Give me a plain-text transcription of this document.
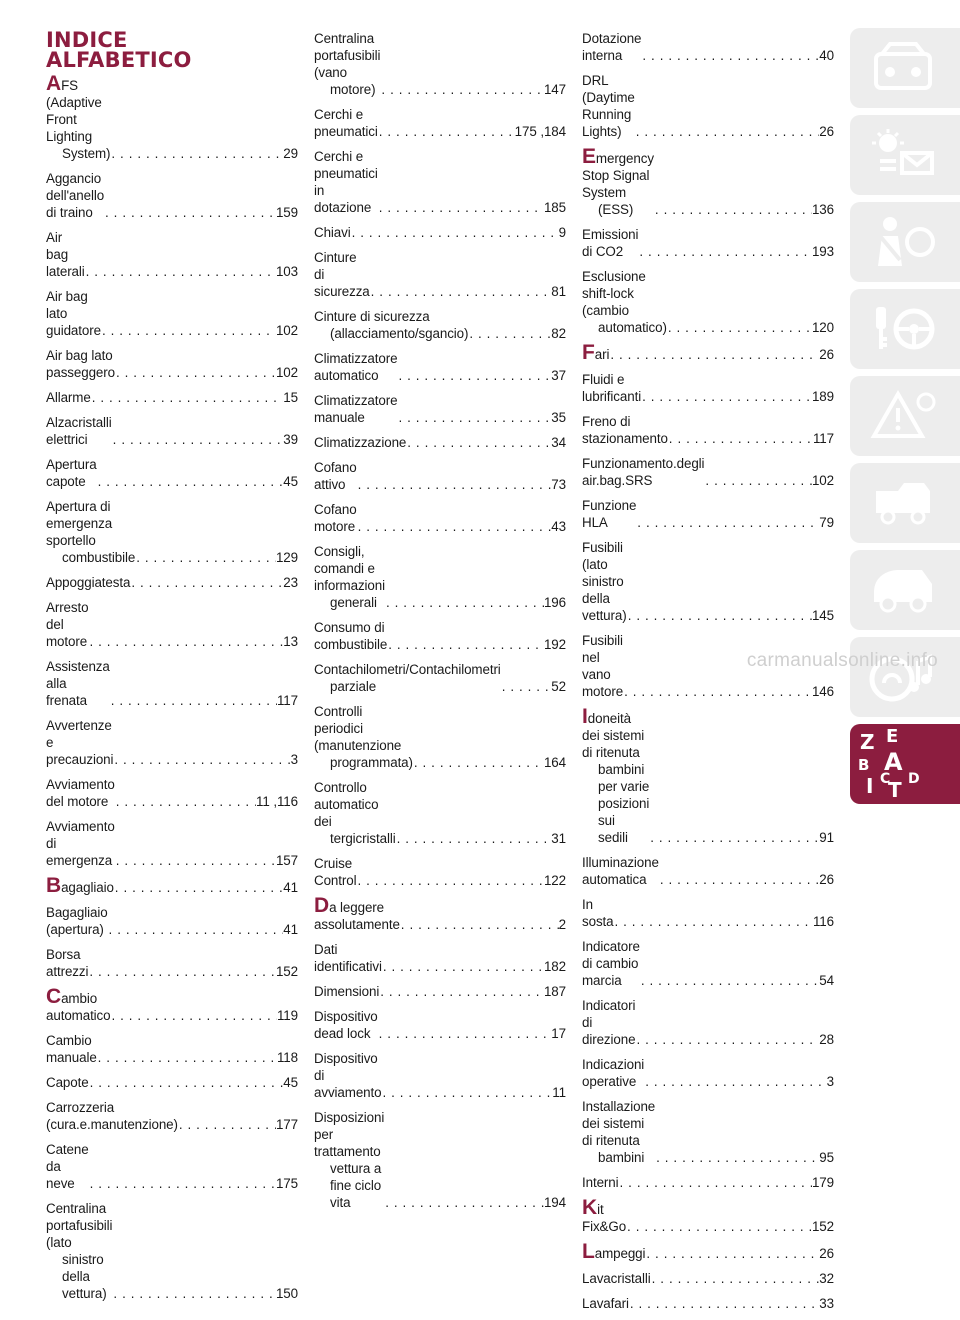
INDICE
ALFABETICO
AFS (Adaptive Front Lighting
System) . . .	29
Aggancio dell'anello di traino . . .	159
Air bag laterali . . .	103
Air bag lato guidatore . . .	102
Air bag lato passeggero . . .	102
Allarme . . .	15
Alzacristalli elettrici . . .	39
Apertura capote . . .	45
Apertura di emergenza sportello
combustibile . . .	129
Appoggiatesta . . .	23
Arresto del motore . . .	13
Assistenza alla frenata . . .	117
Avvertenze e precauzioni . . .	3
Avviamento del motore . . .	11 ,116
Avviamento di emergenza . . .	157
Bagagliaio . . .	41
Bagagliaio (apertura) . . .	41
Borsa attrezzi . . .	152
Cambio automatico . . .	119
Cambio manuale . . .	118
Capote . . .	45
Carrozzeria (cura.e.manutenzione) . . .	177
Catene da neve . . .	175
Centralina portafusibili (lato
sinistro della vettura) . . .	150
Centralina portafusibili (vano
motore) . . .	147
Cerchi e pneumatici . . .	175 ,184
Cerchi e pneumatici in dotazione . . .	185
Chiavi . . .	9
Cinture di sicurezza . . .	81
Cinture di sicurezza
(allacciamento/sgancio) . . .	82
Climatizzatore automatico . . .	37
Climatizzatore manuale . . .	35
Climatizzazione . . .	34
Cofano attivo . . .	73
Cofano motore . . .	43
Consigli, comandi e informazioni
generali . . .	196
Consumo di combustibile . . .	192
Contachilometri/Contachilometri
parziale . . .	52
Controlli periodici (manutenzione
programmata) . . .	164
Controllo automatico dei
tergicristalli . . .	31
Cruise Control . . .	122
Da leggere assolutamente . . .	2
Dati identificativi . . .	182
Dimensioni . . .	187
Dispositivo dead lock . . .	17
Dispositivo di avviamento . . .	11
Disposizioni per trattamento
vettura a fine ciclo vita . . .	194
Dotazione interna . . .	40
DRL (Daytime Running Lights) . . .	26
Emergency Stop Signal System
(ESS) . . .	136
Emissioni di CO2 . . .	193
Esclusione shift-lock (cambio
automatico) . . .	120
Fari . . .	26
Fluidi e lubrificanti . . .	189
Freno di stazionamento . . .	117
Funzionamento.degli air.bag.SRS . . .	102
Funzione HLA . . .	79
Fusibili (lato sinistro della vettura) . . .	145
Fusibili nel vano motore . . .	146
Idoneità dei sistemi di ritenuta
bambini per varie posizioni sui
sedili . . .	91
Illuminazione automatica . . .	26
In sosta . . .	116
Indicatore di cambio marcia . . .	54
Indicatori di direzione . . .	28
Indicazioni operative . . .	3
Installazione dei sistemi di ritenuta
bambini . . .	95
Interni . . .	179
Kit Fix&Go . . .	152
Lampeggi . . .	26
Lavacristalli . . .	32
Lavafari . . .	33
Z E
B A
I C
T D
carmanualsonline.info
